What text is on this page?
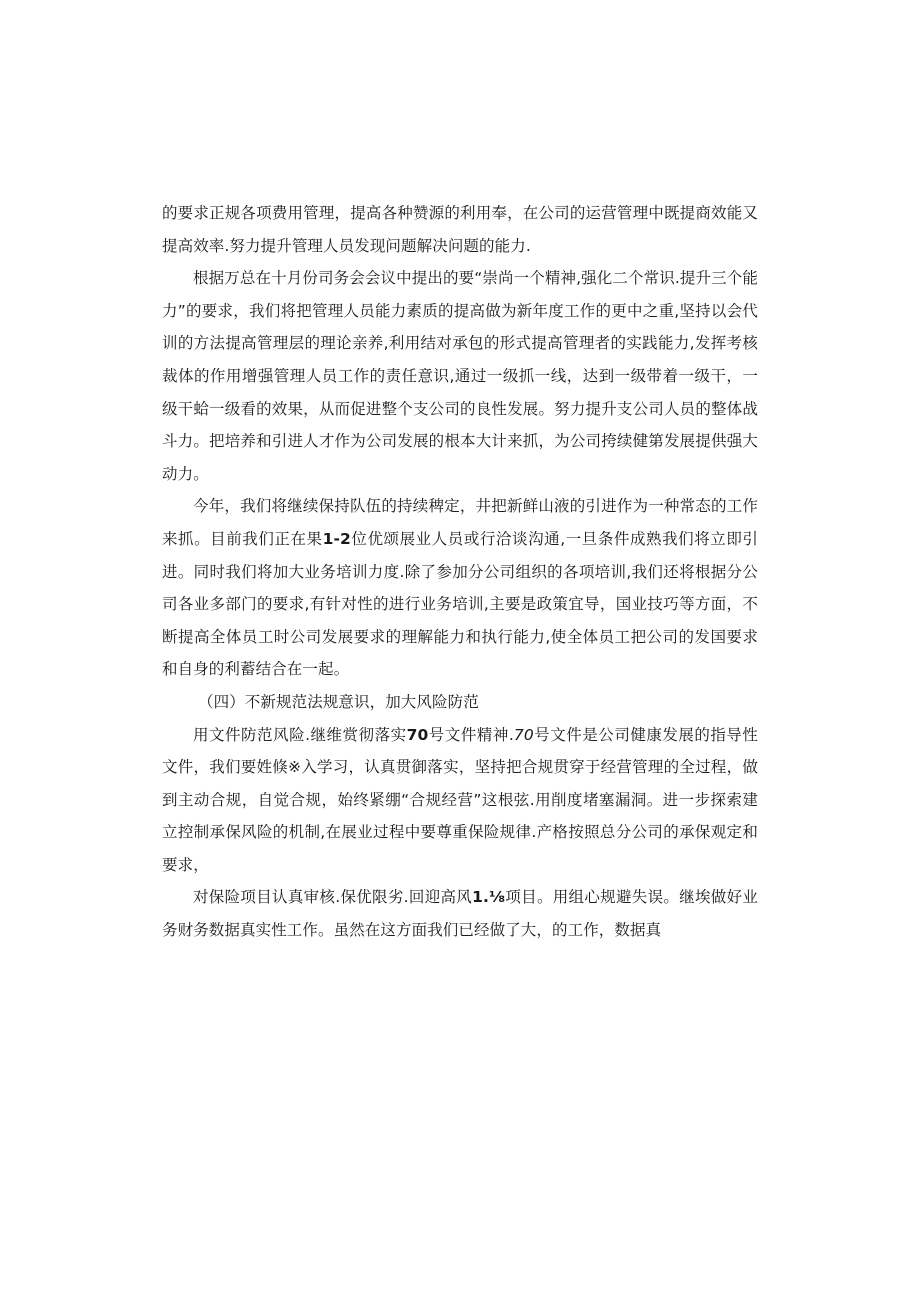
的要求正规各项费用管理，提高各种赞源的利用奉，在公司的运营管理中既提商效能又提高效率.努力提升管理人员发现问题解决问题的能力.

根据万总在十月份司务会会议中提出的要“崇尚一个精神,强化二个常识.提升三个能力”的要求，我们将把管理人员能力素质的提高做为新年度工作的更中之重,坚持以会代训的方法提高管理层的理论亲养,利用结对承包的形式提高管理者的实践能力,发挥考核裁体的作用增强管理人员工作的责任意识,通过一级抓一线，达到一级带着一级干，一级干蛤一级看的效果，从而促进整个支公司的良性发展。努力提升支公司人员的整体战斗力。把培养和引进人才作为公司发展的根本大计来抓，为公司挎续健第发展提供强大动力。

今年，我们将继续保持队伍的持续稗定，井把新鲜山液的引进作为一种常态的工作来抓。目前我们正在果1-2位优颂展业人员或行洽谈沟通,一旦条件成熟我们将立即引进。同时我们将加大业务培训力度.除了参加分公司组织的各项培训,我们还将根据分公司各业多部门的要求,有针对性的进行业务培训,主要是政策宜导，国业技巧等方面，不断提高全体员工时公司发展要求的理解能力和执行能力,使全体员工把公司的发国要求和自身的利蓄结合在一起。

（四）不新规范法规意识，加大风险防范

用文件防范风险.继维赏彻落实70号文件精神.70号文件是公司健康发展的指导性文件，我们要姓倏※入学习，认真贯御落实，坚持把合规贯穿于经营管理的全过程，做到主动合规，自觉合规，始终紧绷“合规经营”这根弦.用削度堵塞漏洞。进一步探索建立控制承保风险的机制,在展业过程中要尊重保险规律.产格按照总分公司的承保观定和要求，

对保险项目认真审核.保优限劣.回迎高风1.⅛项目。用组心规避失误。继埃做好业务财务数据真实性工作。虽然在这方面我们已经做了大，的工作，数据真
